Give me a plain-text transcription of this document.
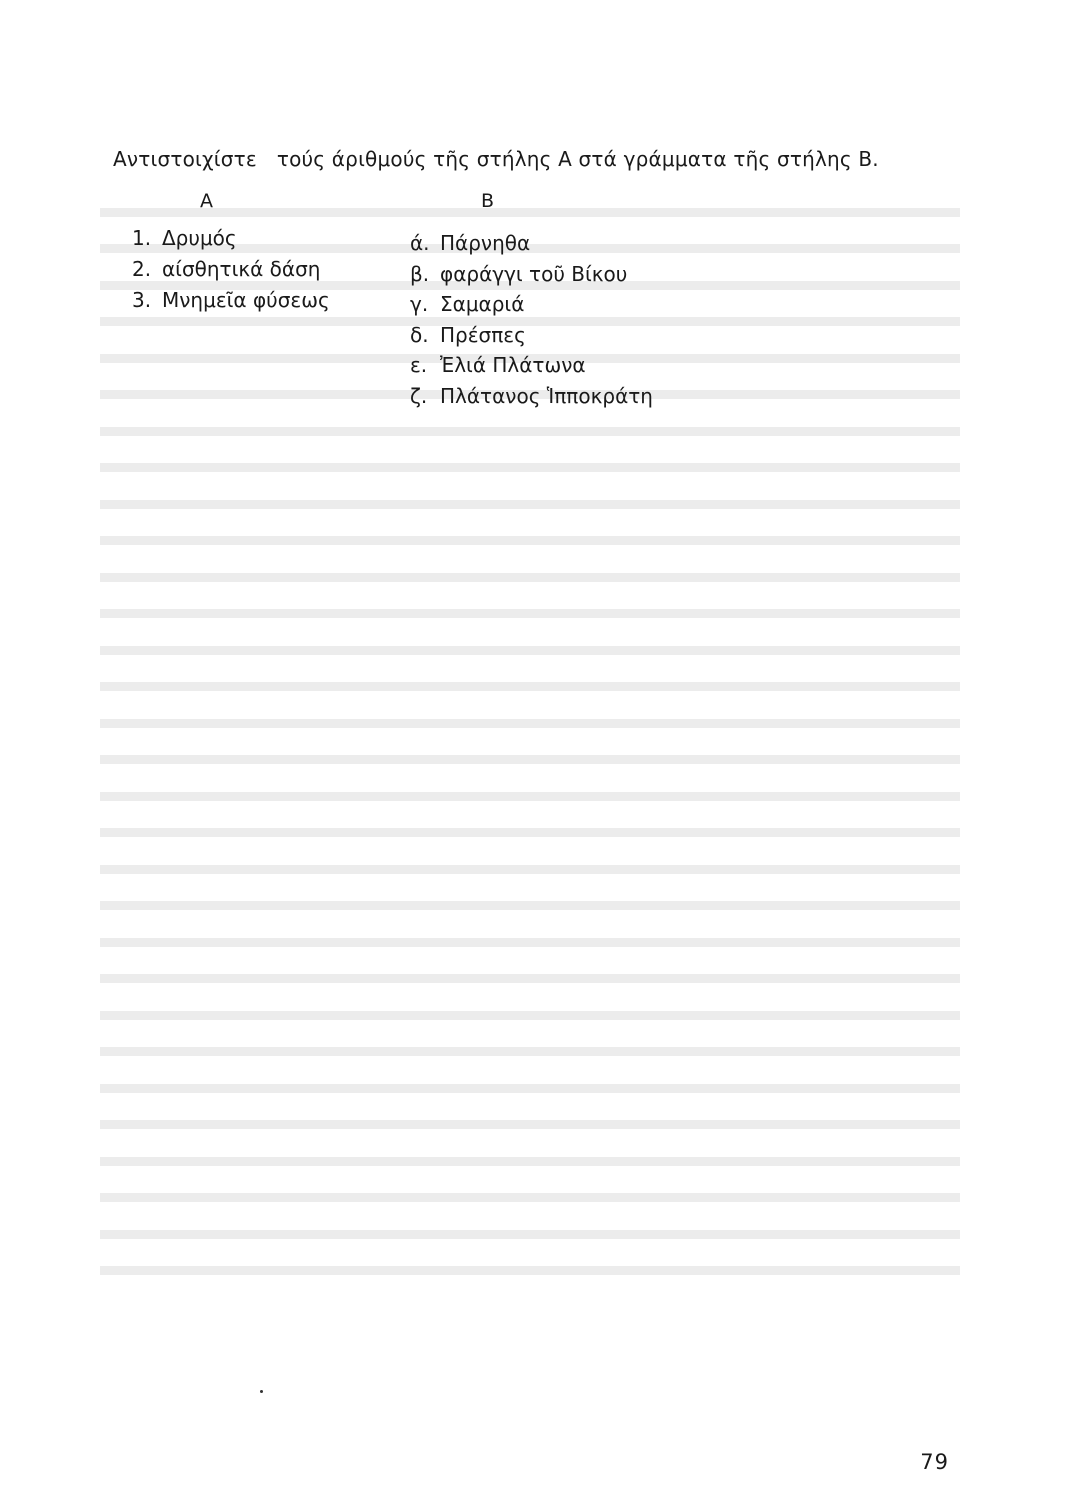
Αντιστοιχίστε τούς άριθμούς τῆς στήλης Α στά γράμματα τῆς στήλης Β.
Α	Β
1. Δρυμός
2. αίσθητικά δάση
3. Μνημεῖα φύσεως
ά. Πάρνηθα
β. φαράγγι τοῦ Βίκου
γ. Σαμαριά
δ. Πρέσπες
ε. Ἐλιά Πλάτωνα
ζ. Πλάτανος Ἱπποκράτη
79
